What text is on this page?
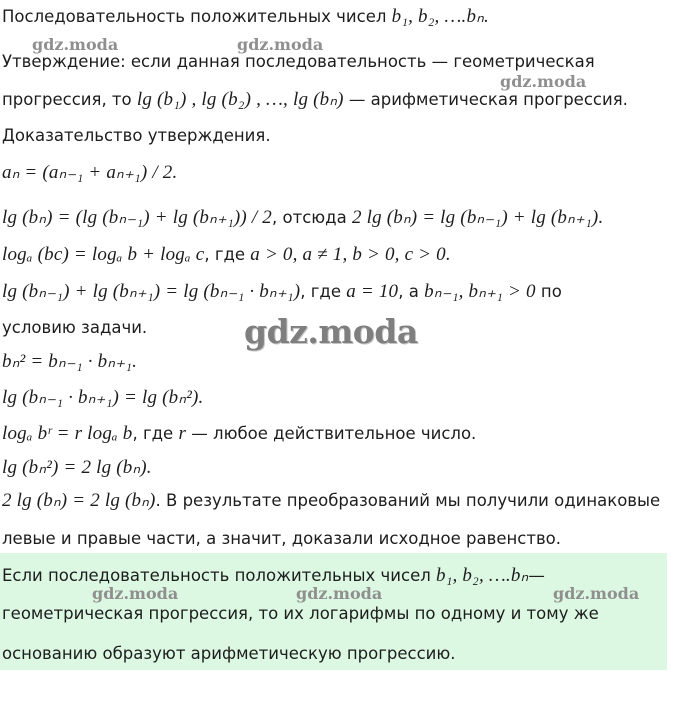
Последовательность положительных чисел b₁, b₂, ….bₙ.
Утверждение: если данная последовательность — геометрическая
прогрессия, то lg (b₁) , lg (b₂) , …, lg (bₙ) — арифметическая прогрессия.
Доказательство утверждения.
aₙ = (aₙ₋₁ + aₙ₊₁) / 2.
lg (bₙ) = (lg (bₙ₋₁) + lg (bₙ₊₁)) / 2, отсюда 2 lg (bₙ) = lg (bₙ₋₁) + lg (bₙ₊₁).
logₐ (bc) = logₐ b + logₐ c, где a > 0, a ≠ 1, b > 0, c > 0.
lg (bₙ₋₁) + lg (bₙ₊₁) = lg (bₙ₋₁ · bₙ₊₁), где a = 10, а bₙ₋₁, bₙ₊₁ > 0 по
условию задачи.
bₙ² = bₙ₋₁ · bₙ₊₁.
lg (bₙ₋₁ · bₙ₊₁) = lg (bₙ²).
logₐ bʳ = r logₐ b, где r — любое действительное число.
lg (bₙ²) = 2 lg (bₙ).
2 lg (bₙ) = 2 lg (bₙ). В результате преобразований мы получили одинаковые
левые и правые части, а значит, доказали исходное равенство.
Если последовательность положительных чисел b₁, b₂, ….bₙ—
геометрическая прогрессия, то их логарифмы по одному и тому же
основанию образуют арифметическую прогрессию.
gdz.moda	gdz.moda
gdz.moda
gdz.moda
gdz.moda	gdz.moda	gdz.moda
